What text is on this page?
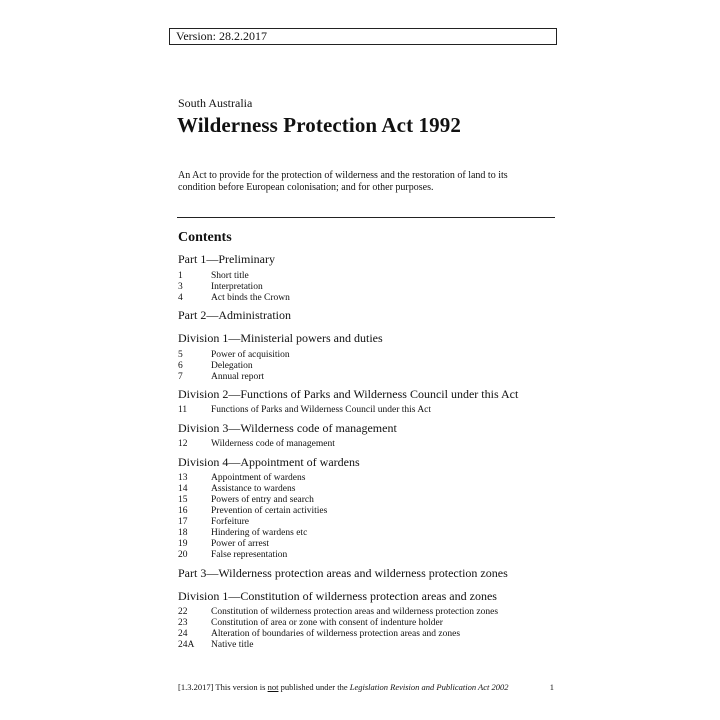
Version: 28.2.2017
South Australia
Wilderness Protection Act 1992

An Act to provide for the protection of wilderness and the restoration of land to its condition before European colonisation; and for other purposes.

Contents
Part 1—Preliminary
1	Short title
3	Interpretation
4	Act binds the Crown
Part 2—Administration
Division 1—Ministerial powers and duties
5	Power of acquisition
6	Delegation
7	Annual report
Division 2—Functions of Parks and Wilderness Council under this Act
11	Functions of Parks and Wilderness Council under this Act
Division 3—Wilderness code of management
12 Wilderness code of management
Division 4—Appointment of wardens
13 Appointment of wardens
14 Assistance to wardens
15 Powers of entry and search
16 Prevention of certain activities
17 Forfeiture
18 Hindering of wardens etc
19 Power of arrest
20 False representation
Part 3—Wilderness protection areas and wilderness protection zones
Division 1—Constitution of wilderness protection areas and zones
22 Constitution of wilderness protection areas and wilderness protection zones
23 Constitution of area or zone with consent of indenture holder
24 Alteration of boundaries of wilderness protection areas and zones
24A Native title
[1.3.2017] This version is not published under the Legislation Revision and Publication Act 2002	1
